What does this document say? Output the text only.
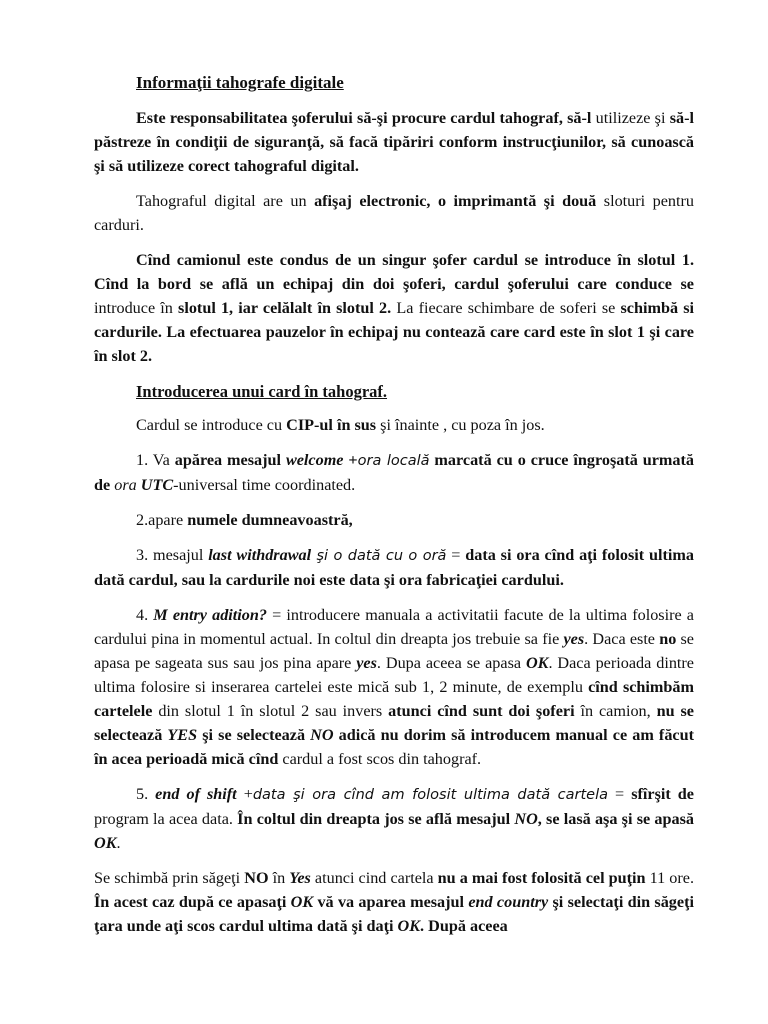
Informaţii tahografe digitale

Este responsabilitatea şoferului să-şi procure cardul tahograf, să-l utilizeze şi să-l păstreze în condiţii de siguranţă, să facă tipăriri conform instrucţiunilor, să cunoască şi să utilizeze corect tahograful digital.

Tahograful digital are un afişaj electronic, o imprimantă şi două sloturi pentru carduri.

Cînd camionul este condus de un singur şofer cardul se introduce în slotul 1. Cînd la bord se află un echipaj din doi şoferi, cardul şoferului care conduce se introduce în slotul 1, iar celălalt în slotul 2. La fiecare schimbare de soferi se schimbă si cardurile. La efectuarea pauzelor în echipaj nu contează care card este în slot 1 şi care în slot 2.

Introducerea unui card în tahograf.

Cardul se introduce cu CIP-ul în sus şi înainte , cu poza în jos.

1. Va apărea mesajul welcome +ora locală marcată cu o cruce îngroşată urmată de ora UTC-universal time coordinated.

2.apare numele dumneavoastră,

3. mesajul last withdrawal şi o dată cu o oră = data si ora cînd aţi folosit ultima dată cardul, sau la cardurile noi este data şi ora fabricaţiei cardului.

4. M entry adition? = introducere manuala a activitatii facute de la ultima folosire a cardului pina in momentul actual. In coltul din dreapta jos trebuie sa fie yes. Daca este no se apasa pe sageata sus sau jos pina apare yes. Dupa aceea se apasa OK. Daca perioada dintre ultima folosire si inserarea cartelei este mică sub 1, 2 minute, de exemplu cînd schimbăm cartelele din slotul 1 în slotul 2 sau invers atunci cînd sunt doi şoferi în camion, nu se selectează YES şi se selectează NO adică nu dorim să introducem manual ce am făcut în acea perioadă mică cînd cardul a fost scos din tahograf.

5. end of shift +data şi ora cînd am folosit ultima dată cartela = sfîrşit de program la acea data. În coltul din dreapta jos se află mesajul NO, se lasă aşa şi se apasă OK.

Se schimbă prin săgeţi NO în Yes atunci cind cartela nu a mai fost folosită cel puţin 11 ore. În acest caz după ce apasaţi OK vă va aparea mesajul end country şi selectaţi din săgeţi ţara unde aţi scos cardul ultima dată şi daţi OK. După aceea
